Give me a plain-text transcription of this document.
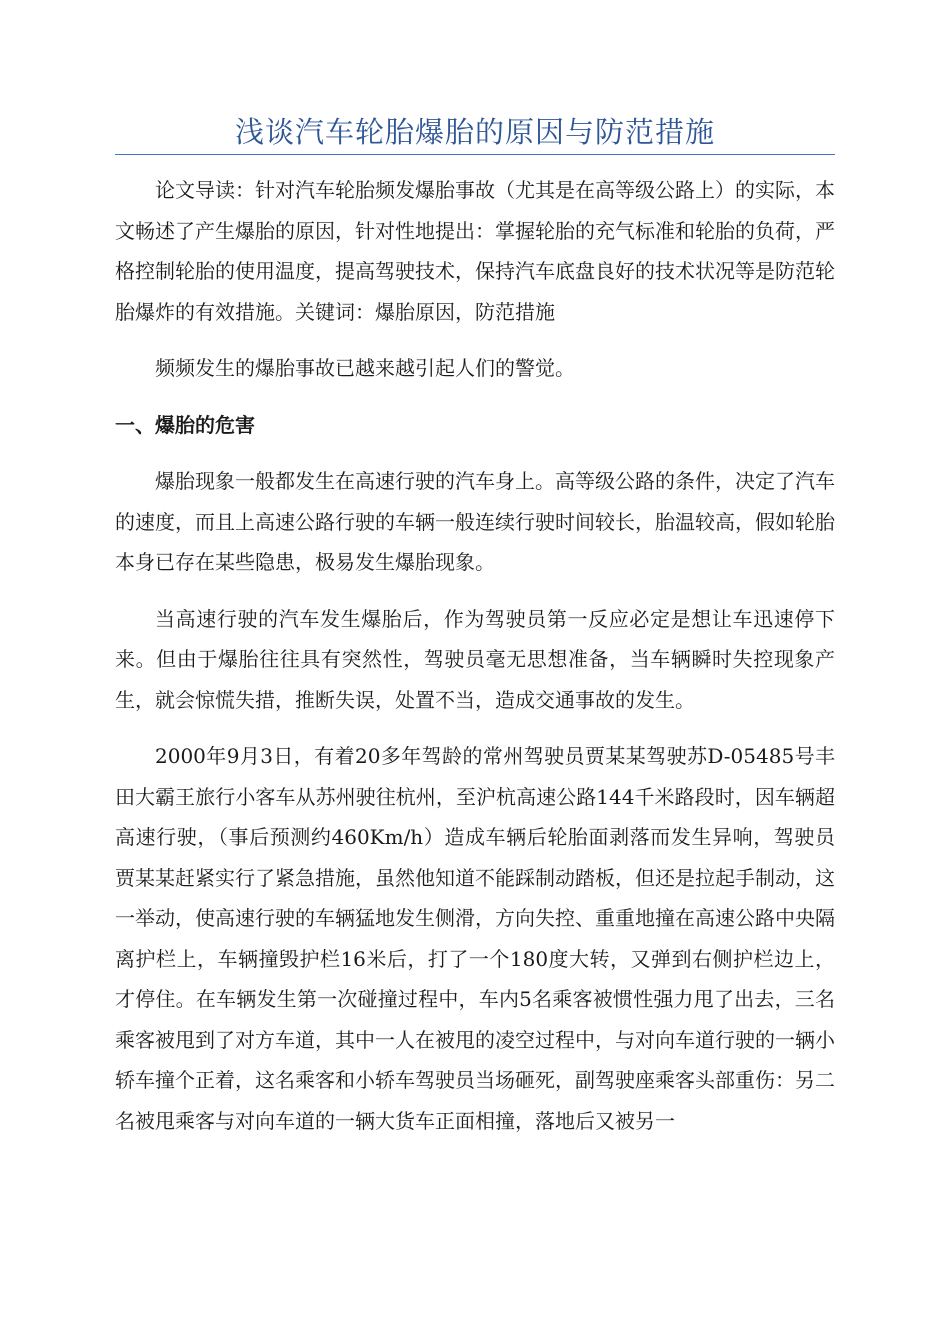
浅谈汽车轮胎爆胎的原因与防范措施

论文导读：针对汽车轮胎频发爆胎事故（尤其是在高等级公路上）的实际，本文畅述了产生爆胎的原因，针对性地提出：掌握轮胎的充气标准和轮胎的负荷，严格控制轮胎的使用温度，提高驾驶技术，保持汽车底盘良好的技术状况等是防范轮胎爆炸的有效措施。关键词：爆胎原因，防范措施

频频发生的爆胎事故已越来越引起人们的警觉。

一、爆胎的危害

爆胎现象一般都发生在高速行驶的汽车身上。高等级公路的条件，决定了汽车的速度，而且上高速公路行驶的车辆一般连续行驶时间较长，胎温较高，假如轮胎本身已存在某些隐患，极易发生爆胎现象。

当高速行驶的汽车发生爆胎后，作为驾驶员第一反应必定是想让车迅速停下来。但由于爆胎往往具有突然性，驾驶员毫无思想准备，当车辆瞬时失控现象产生，就会惊慌失措，推断失误，处置不当，造成交通事故的发生。

2000年9月3日，有着20多年驾龄的常州驾驶员贾某某驾驶苏D-05485号丰田大霸王旅行小客车从苏州驶往杭州，至沪杭高速公路144千米路段时，因车辆超高速行驶，（事后预测约460Km/h）造成车辆后轮胎面剥落而发生异响，驾驶员贾某某赶紧实行了紧急措施，虽然他知道不能踩制动踏板，但还是拉起手制动，这一举动，使高速行驶的车辆猛地发生侧滑，方向失控、重重地撞在高速公路中央隔离护栏上，车辆撞毁护栏16米后，打了一个180度大转，又弹到右侧护栏边上，才停住。在车辆发生第一次碰撞过程中，车内5名乘客被惯性强力甩了出去，三名乘客被甩到了对方车道，其中一人在被甩的凌空过程中，与对向车道行驶的一辆小轿车撞个正着，这名乘客和小轿车驾驶员当场砸死，副驾驶座乘客头部重伤：另二名被甩乘客与对向车道的一辆大货车正面相撞，落地后又被另一
